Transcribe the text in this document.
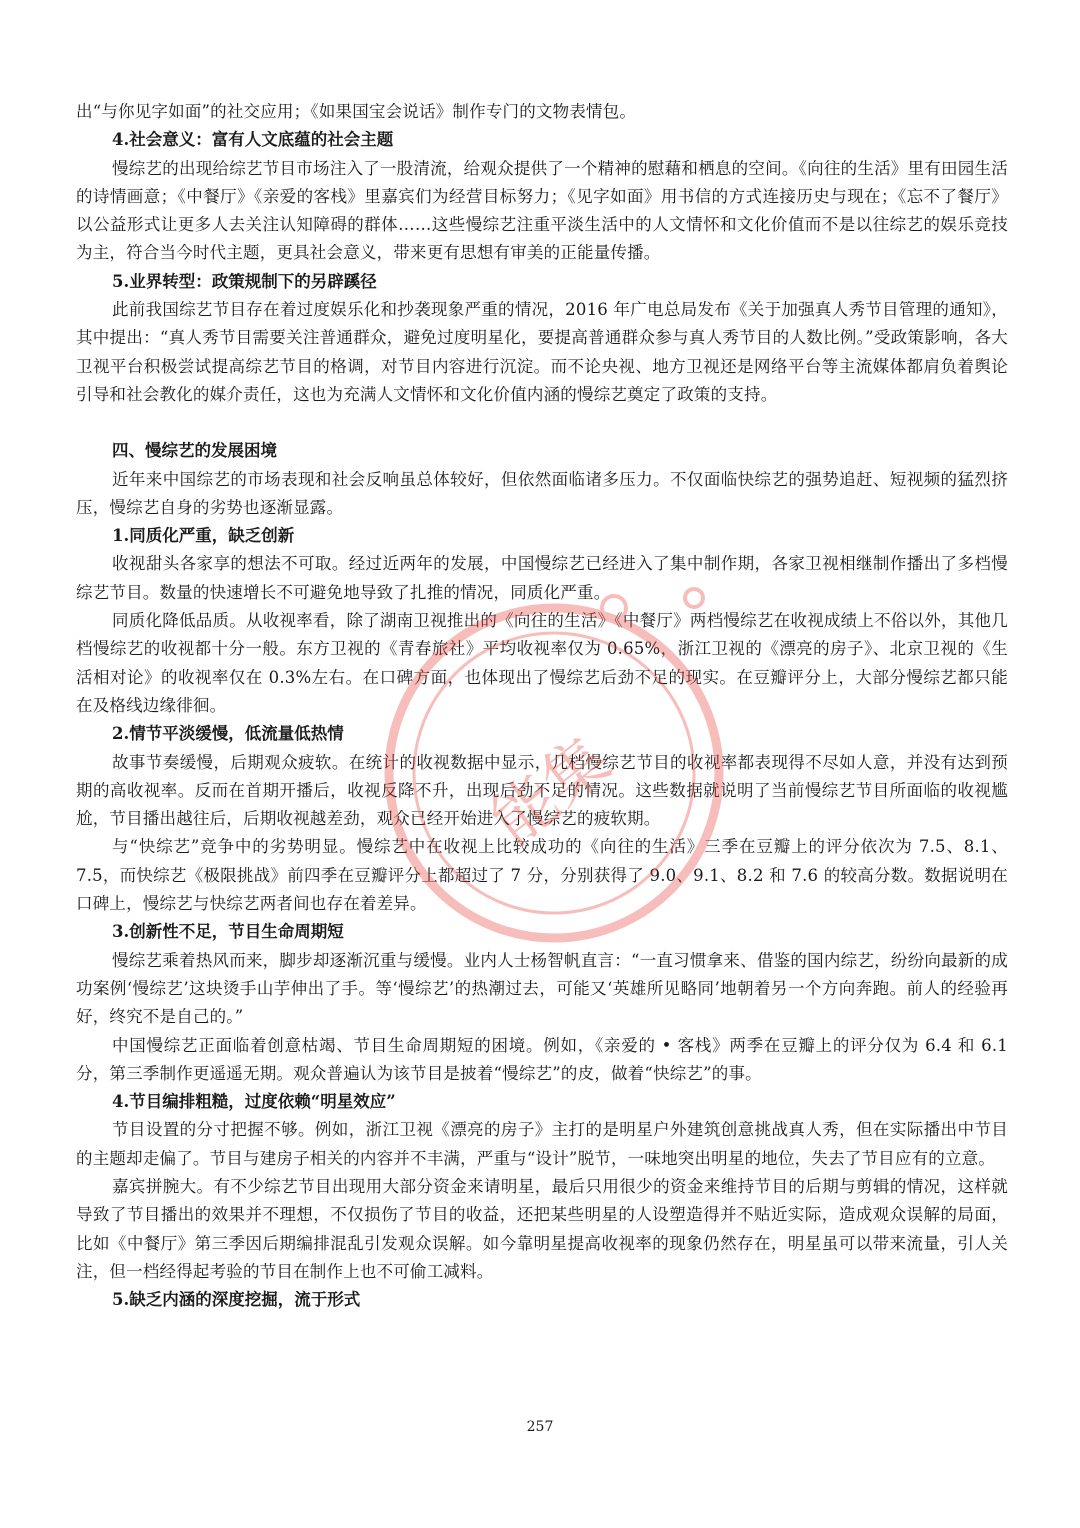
出“与你见字如面”的社交应用；《如果国宝会说话》制作专门的文物表情包。

4.社会意义：富有人文底蕴的社会主题

慢综艺的出现给综艺节目市场注入了一股清流，给观众提供了一个精神的慰藉和栖息的空间。《向往的生活》里有田园生活的诗情画意；《中餐厅》《亲爱的客栈》里嘉宾们为经营目标努力；《见字如面》用书信的方式连接历史与现在；《忘不了餐厅》以公益形式让更多人去关注认知障碍的群体……这些慢综艺注重平淡生活中的人文情怀和文化价值而不是以往综艺的娱乐竞技为主，符合当今时代主题，更具社会意义，带来更有思想有审美的正能量传播。

5.业界转型：政策规制下的另辟蹊径

此前我国综艺节目存在着过度娱乐化和抄袭现象严重的情况，2016 年广电总局发布《关于加强真人秀节目管理的通知》，其中提出：“真人秀节目需要关注普通群众，避免过度明星化，要提高普通群众参与真人秀节目的人数比例。”受政策影响，各大卫视平台积极尝试提高综艺节目的格调，对节目内容进行沉淀。而不论央视、地方卫视还是网络平台等主流媒体都肩负着舆论引导和社会教化的媒介责任，这也为充满人文情怀和文化价值内涵的慢综艺奠定了政策的支持。

四、慢综艺的发展困境

近年来中国综艺的市场表现和社会反响虽总体较好，但依然面临诸多压力。不仅面临快综艺的强势追赶、短视频的猛烈挤压，慢综艺自身的劣势也逐渐显露。

1.同质化严重，缺乏创新

收视甜头各家享的想法不可取。经过近两年的发展，中国慢综艺已经进入了集中制作期，各家卫视相继制作播出了多档慢综艺节目。数量的快速增长不可避免地导致了扎推的情况，同质化严重。

同质化降低品质。从收视率看，除了湖南卫视推出的《向往的生活》《中餐厅》两档慢综艺在收视成绩上不俗以外，其他几档慢综艺的收视都十分一般。东方卫视的《青春旅社》平均收视率仅为 0.65%，浙江卫视的《漂亮的房子》、北京卫视的《生活相对论》的收视率仅在 0.3%左右。在口碑方面，也体现出了慢综艺后劲不足的现实。在豆瓣评分上，大部分慢综艺都只能在及格线边缘徘徊。

2.情节平淡缓慢，低流量低热情

故事节奏缓慢，后期观众疲软。在统计的收视数据中显示，几档慢综艺节目的收视率都表现得不尽如人意，并没有达到预期的高收视率。反而在首期开播后，收视反降不升，出现后劲不足的情况。这些数据就说明了当前慢综艺节目所面临的收视尴尬，节目播出越往后，后期收视越差劲，观众已经开始进入了慢综艺的疲软期。

与“快综艺”竞争中的劣势明显。慢综艺中在收视上比较成功的《向往的生活》三季在豆瓣上的评分依次为 7.5、8.1、7.5，而快综艺《极限挑战》前四季在豆瓣评分上都超过了 7 分，分别获得了 9.0、9.1、8.2 和 7.6 的较高分数。数据说明在口碑上，慢综艺与快综艺两者间也存在着差异。

3.创新性不足，节目生命周期短

慢综艺乘着热风而来，脚步却逐渐沉重与缓慢。业内人士杨智帆直言：“一直习惯拿来、借鉴的国内综艺，纷纷向最新的成功案例‘慢综艺’这块烫手山芋伸出了手。等‘慢综艺’的热潮过去，可能又‘英雄所见略同’地朝着另一个方向奔跑。前人的经验再好，终究不是自己的。”

中国慢综艺正面临着创意枯竭、节目生命周期短的困境。例如，《亲爱的 • 客栈》两季在豆瓣上的评分仅为 6.4 和 6.1 分，第三季制作更遥遥无期。观众普遍认为该节目是披着“慢综艺”的皮，做着“快综艺”的事。

4.节目编排粗糙，过度依赖“明星效应”

节目设置的分寸把握不够。例如，浙江卫视《漂亮的房子》主打的是明星户外建筑创意挑战真人秀，但在实际播出中节目的主题却走偏了。节目与建房子相关的内容并不丰满，严重与“设计”脱节，一味地突出明星的地位，失去了节目应有的立意。

嘉宾拼腕大。有不少综艺节目出现用大部分资金来请明星，最后只用很少的资金来维持节目的后期与剪辑的情况，这样就导致了节目播出的效果并不理想，不仅损伤了节目的收益，还把某些明星的人设塑造得并不贴近实际，造成观众误解的局面，比如《中餐厅》第三季因后期编排混乱引发观众误解。如今靠明星提高收视率的现象仍然存在，明星虽可以带来流量，引人关注，但一档经得起考验的节目在制作上也不可偷工减料。

5.缺乏内涵的深度挖掘，流于形式

能集
257
